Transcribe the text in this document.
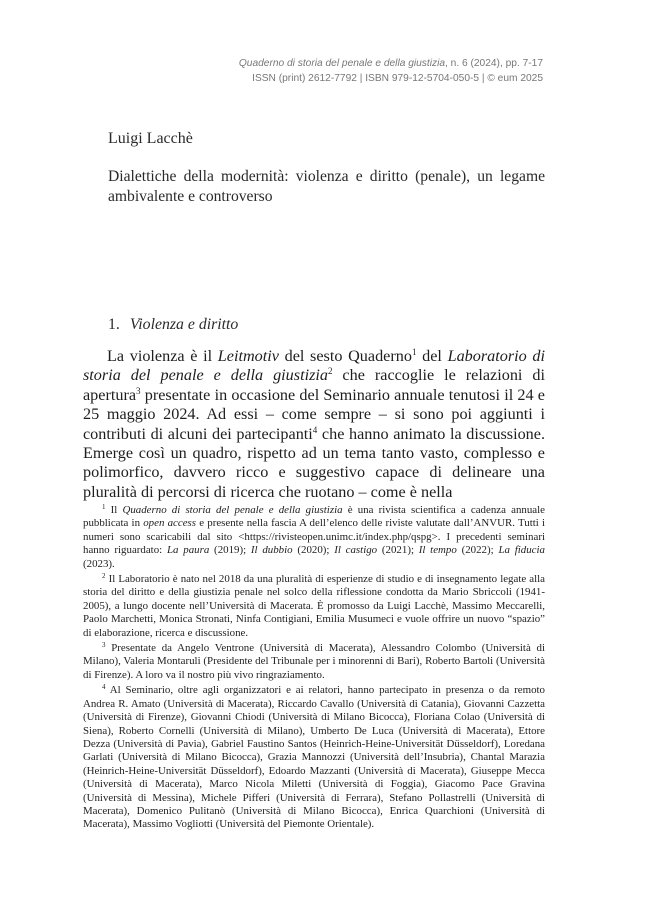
Quaderno di storia del penale e della giustizia, n. 6 (2024), pp. 7-17
ISSN (print) 2612-7792 | ISBN 979-12-5704-050-5 | © eum 2025
Luigi Lacchè
Dialettiche della modernità: violenza e diritto (penale), un legame ambivalente e controverso
1. Violenza e diritto

La violenza è il Leitmotiv del sesto Quaderno$^1$ del Laboratorio di storia del penale e della giustizia$^2$ che raccoglie le relazioni di apertura$^3$ presentate in occasione del Seminario annuale tenutosi il 24 e 25 maggio 2024. Ad essi – come sempre – si sono poi aggiunti i contributi di alcuni dei partecipanti$^4$ che hanno animato la discussione. Emerge così un quadro, rispetto ad un tema tanto vasto, complesso e polimorfico, davvero ricco e suggestivo capace di delineare una pluralità di percorsi di ricerca che ruotano – come è nella

$^1$ Il Quaderno di storia del penale e della giustizia è una rivista scientifica a cadenza annuale pubblicata in open access e presente nella fascia A dell’elenco delle riviste valutate dall’ANVUR. Tutti i numeri sono scaricabili dal sito <https://rivisteopen.unimc.it/index.php/qspg>. I precedenti seminari hanno riguardato: La paura (2019); Il dubbio (2020); Il castigo (2021); Il tempo (2022); La fiducia (2023).

$^2$ Il Laboratorio è nato nel 2018 da una pluralità di esperienze di studio e di insegnamento legate alla storia del diritto e della giustizia penale nel solco della riflessione condotta da Mario Sbriccoli (1941-2005), a lungo docente nell’Università di Macerata. È promosso da Luigi Lacchè, Massimo Meccarelli, Paolo Marchetti, Monica Stronati, Ninfa Contigiani, Emilia Musumeci e vuole offrire un nuovo “spazio” di elaborazione, ricerca e discussione.

$^3$ Presentate da Angelo Ventrone (Università di Macerata), Alessandro Colombo (Università di Milano), Valeria Montaruli (Presidente del Tribunale per i minorenni di Bari), Roberto Bartoli (Università di Firenze). A loro va il nostro più vivo ringraziamento.

$^4$ Al Seminario, oltre agli organizzatori e ai relatori, hanno partecipato in presenza o da remoto Andrea R. Amato (Università di Macerata), Riccardo Cavallo (Università di Catania), Giovanni Cazzetta (Università di Firenze), Giovanni Chiodi (Università di Milano Bicocca), Floriana Colao (Università di Siena), Roberto Cornelli (Università di Milano), Umberto De Luca (Università di Macerata), Ettore Dezza (Università di Pavia), Gabriel Faustino Santos (Heinrich-Heine-Universität Düsseldorf), Loredana Garlati (Università di Milano Bicocca), Grazia Mannozzi (Università dell’Insubria), Chantal Marazia (Heinrich-Heine-Universität Düsseldorf), Edoardo Mazzanti (Università di Macerata), Giuseppe Mecca (Università di Macerata), Marco Nicola Miletti (Università di Foggia), Giacomo Pace Gravina (Università di Messina), Michele Pifferi (Università di Ferrara), Stefano Pollastrelli (Università di Macerata), Domenico Pulitanò (Università di Milano Bicocca), Enrica Quarchioni (Università di Macerata), Massimo Vogliotti (Università del Piemonte Orientale).
